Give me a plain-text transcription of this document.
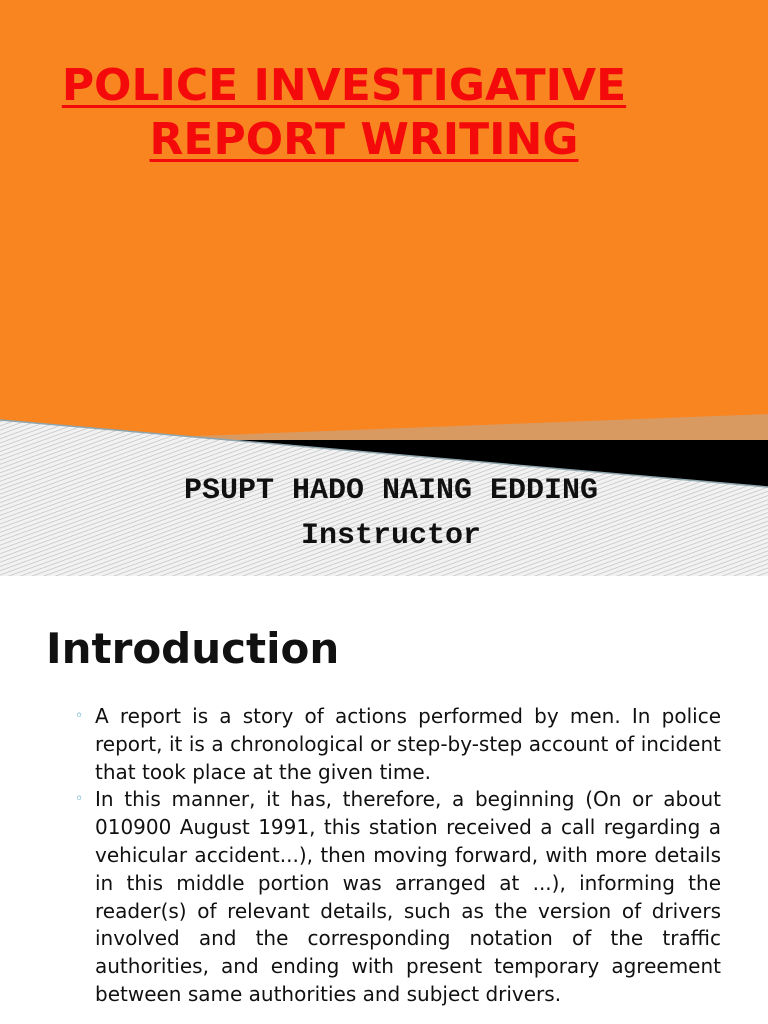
POLICE INVESTIGATIVE
REPORT WRITING
PSUPT HADO NAING EDDING
Instructor
Introduction
◦ A report is a story of actions performed by men. In police report, it is a chronological or step-by-step account of incident that took place at the given time.
◦ In this manner, it has, therefore, a beginning (On or about 010900 August 1991, this station received a call regarding a vehicular accident...), then moving forward, with more details in this middle portion was arranged at ...), informing the reader(s) of relevant details, such as the version of drivers involved and the corresponding notation of the traffic authorities, and ending with present temporary agreement between same authorities and subject drivers.
